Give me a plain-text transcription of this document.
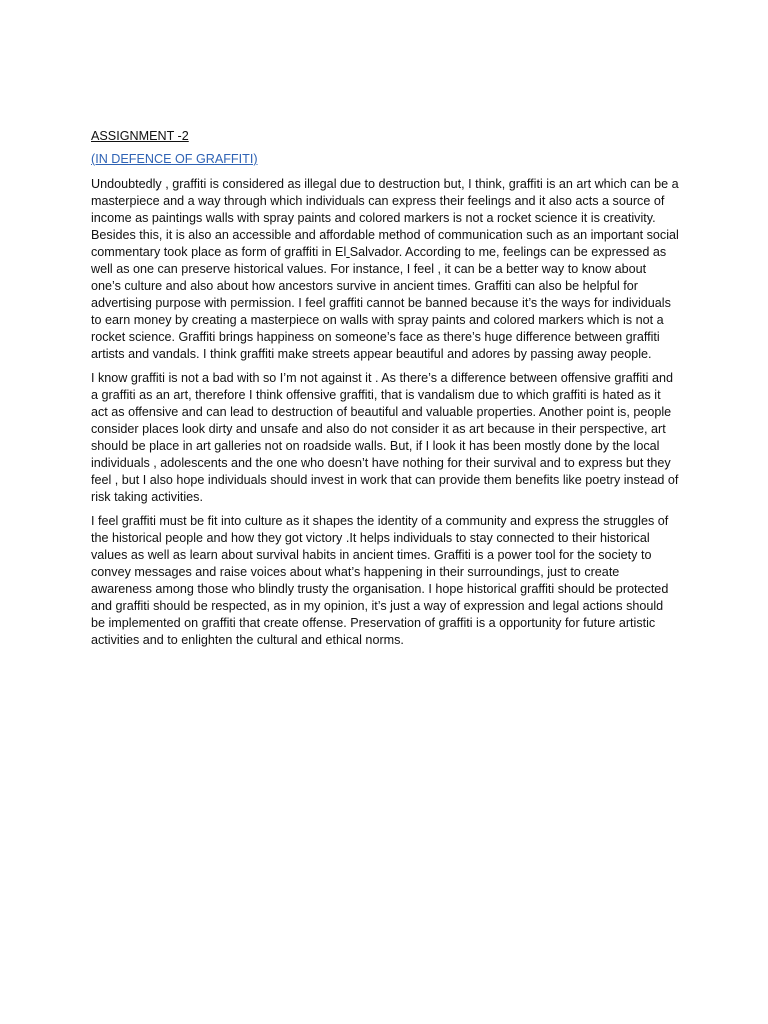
ASSIGNMENT -2
(IN DEFENCE OF GRAFFITI)

Undoubtedly , graffiti is considered as illegal due to destruction but, I think, graffiti is an art which can be a masterpiece and a way through which individuals can express their feelings and it also acts a source of income as paintings walls with spray paints and colored markers is not a rocket science it is creativity. Besides this, it is also an accessible and affordable method of communication such as an important social commentary took place as form of graffiti in El Salvador. According to me, feelings can be expressed as well as one can preserve historical values. For instance, I feel , it can be a better way to know about one’s culture and also about how ancestors survive in ancient times. Graffiti can also be helpful for advertising purpose with permission. I feel graffiti cannot be banned because it’s the ways for individuals to earn money by creating a masterpiece on walls with spray paints and colored markers which is not a rocket science. Graffiti brings happiness on someone’s face as there’s huge difference between graffiti artists and vandals. I think graffiti make streets appear beautiful and adores by passing away people.

I know graffiti is not a bad with so I’m not against it . As there’s a difference between offensive graffiti and a graffiti as an art, therefore I think offensive graffiti, that is vandalism due to which graffiti is hated as it act as offensive and can lead to destruction of beautiful and valuable properties. Another point is, people consider places look dirty and unsafe and also do not consider it as art because in their perspective, art should be place in art galleries not on roadside walls. But, if I look it has been mostly done by the local individuals , adolescents and the one who doesn’t have nothing for their survival and to express but they feel , but I also hope individuals should invest in work that can provide them benefits like poetry instead of risk taking activities.

I feel graffiti must be fit into culture as it shapes the identity of a community and express the struggles of the historical people and how they got victory .It helps individuals to stay connected to their historical values as well as learn about survival habits in ancient times. Graffiti is a power tool for the society to convey messages and raise voices about what’s happening in their surroundings, just to create awareness among those who blindly trusty the organisation. I hope historical graffiti should be protected and graffiti should be respected, as in my opinion, it’s just a way of expression and legal actions should be implemented on graffiti that create offense. Preservation of graffiti is a opportunity for future artistic activities and to enlighten the cultural and ethical norms.
